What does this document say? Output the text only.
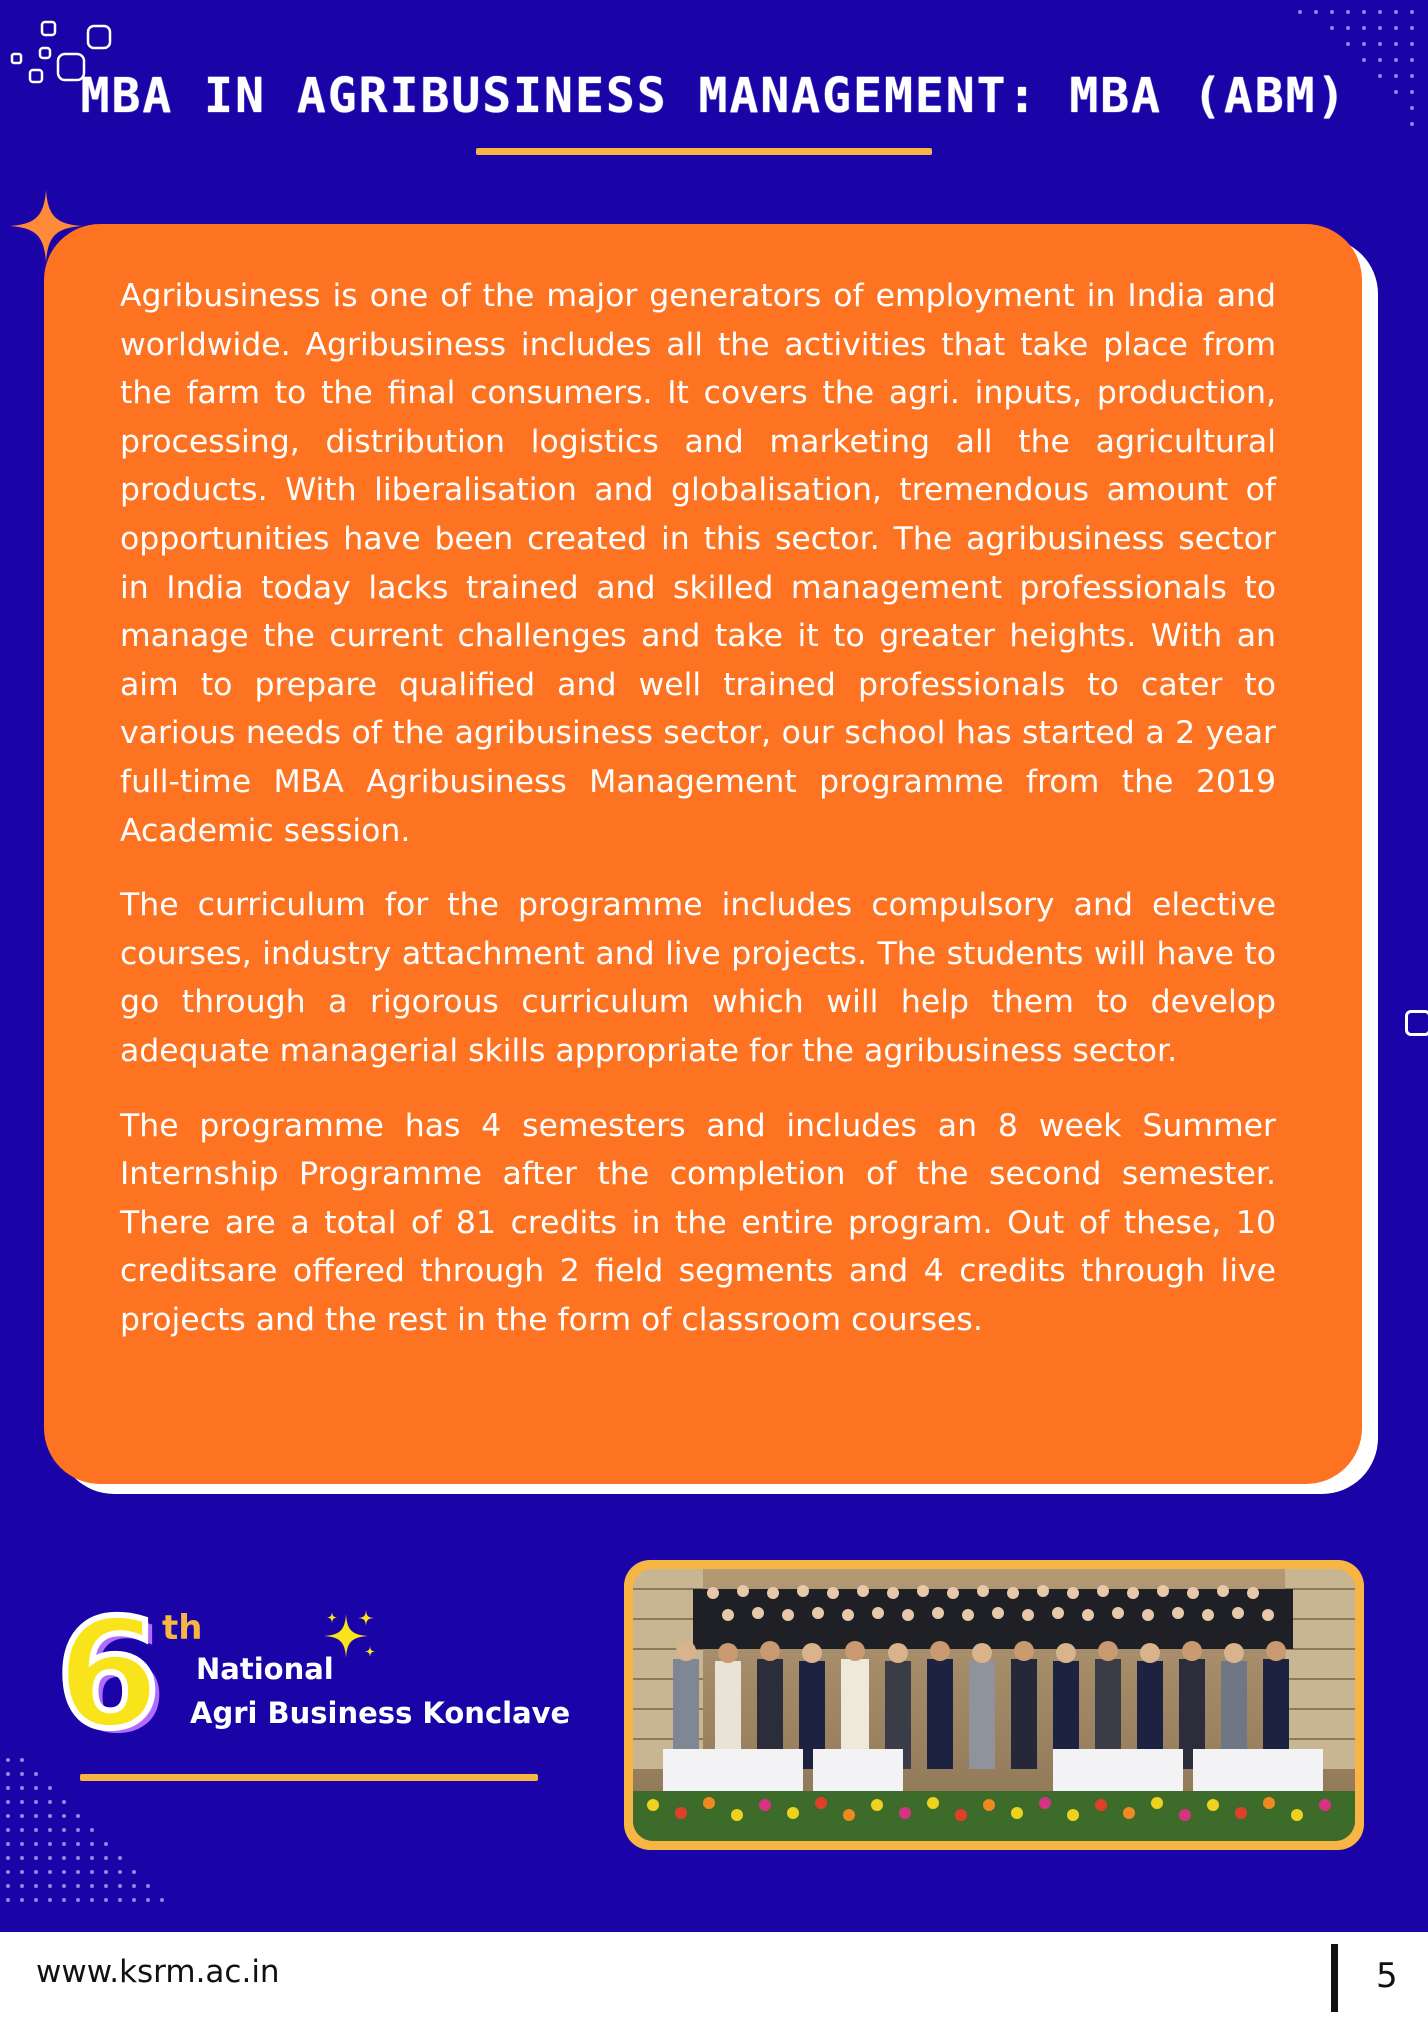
MBA IN AGRIBUSINESS MANAGEMENT: MBA (ABM)

Agribusiness is one of the major generators of employment in India and worldwide. Agribusiness includes all the activities that take place from the farm to the final consumers. It covers the agri. inputs, production, processing, distribution logistics and marketing all the agricultural products. With liberalisation and globalisation, tremendous amount of opportunities have been created in this sector. The agribusiness sector in India today lacks trained and skilled management professionals to manage the current challenges and take it to greater heights. With an aim to prepare qualified and well trained professionals to cater to various needs of the agribusiness sector, our school has started a 2 year full-time MBA Agribusiness Management programme from the 2019 Academic session.

The curriculum for the programme includes compulsory and elective courses, industry attachment and live projects. The students will have to go through a rigorous curriculum which will help them to develop adequate managerial skills appropriate for the agribusiness sector.

The programme has 4 semesters and includes an 8 week Summer Internship Programme after the completion of the second semester. There are a total of 81 credits in the entire program. Out of these, 10 creditsare offered through 2 field segments and 4 credits through live projects and the rest in the form of classroom courses.

6 th
National
Agri Business Konclave
www.ksrm.ac.in	5
